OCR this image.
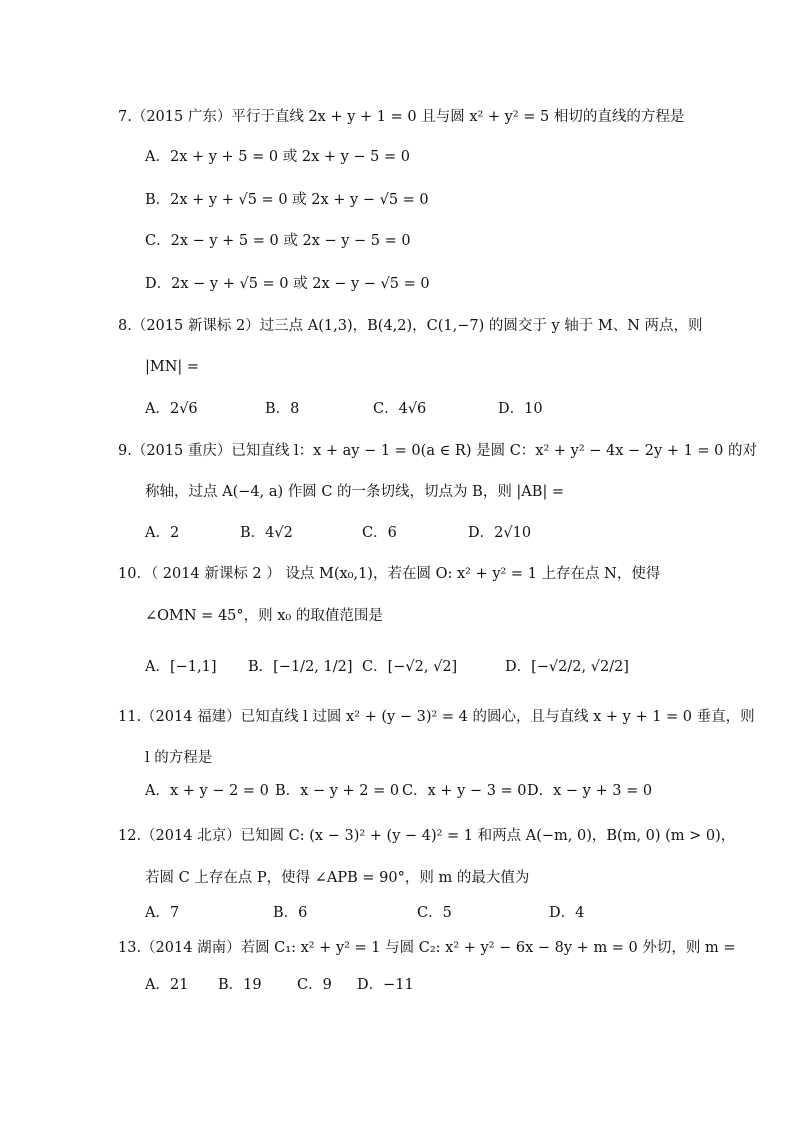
7.（2015 广东）平行于直线 2x + y + 1 = 0 且与圆 x² + y² = 5 相切的直线的方程是
A．2x + y + 5 = 0 或 2x + y − 5 = 0
B．2x + y + √5 = 0 或 2x + y − √5 = 0
C．2x − y + 5 = 0 或 2x − y − 5 = 0
D．2x − y + √5 = 0 或 2x − y − √5 = 0
8.（2015 新课标 2）过三点 A(1,3)，B(4,2)，C(1,−7) 的圆交于 y 轴于 M、N 两点，则
|MN| =
A．2√6	B．8	C．4√6	D．10
9.（2015 重庆）已知直线 l：x + ay − 1 = 0(a ∈ R) 是圆 C：x² + y² − 4x − 2y + 1 = 0 的对
称轴，过点 A(−4, a) 作圆 C 的一条切线，切点为 B，则 |AB| =
A．2	B．4√2	C．6	D．2√10
10．（ 2014 新课标 2 ） 设点 M(x₀,1)，若在圆 O: x² + y² = 1 上存在点 N，使得
∠OMN = 45°，则 x₀ 的取值范围是
A．[−1,1] B．[−1/2, 1/2] C．[−√2, √2]	D．[−√2/2, √2/2]
11.（2014 福建）已知直线 l 过圆 x² + (y − 3)² = 4 的圆心，且与直线 x + y + 1 = 0 垂直，则
l 的方程是
A．x + y − 2 = 0 B．x − y + 2 = 0 C．x + y − 3 = 0 D．x − y + 3 = 0
12.（2014 北京）已知圆 C: (x − 3)² + (y − 4)² = 1 和两点 A(−m, 0)，B(m, 0) (m > 0)，
若圆 C 上存在点 P，使得 ∠APB = 90°，则 m 的最大值为
A．7	B．6	C．5	D．4
13.（2014 湖南）若圆 C₁: x² + y² = 1 与圆 C₂: x² + y² − 6x − 8y + m = 0 外切，则 m =
A．21 B．19 C．9 D．−11
